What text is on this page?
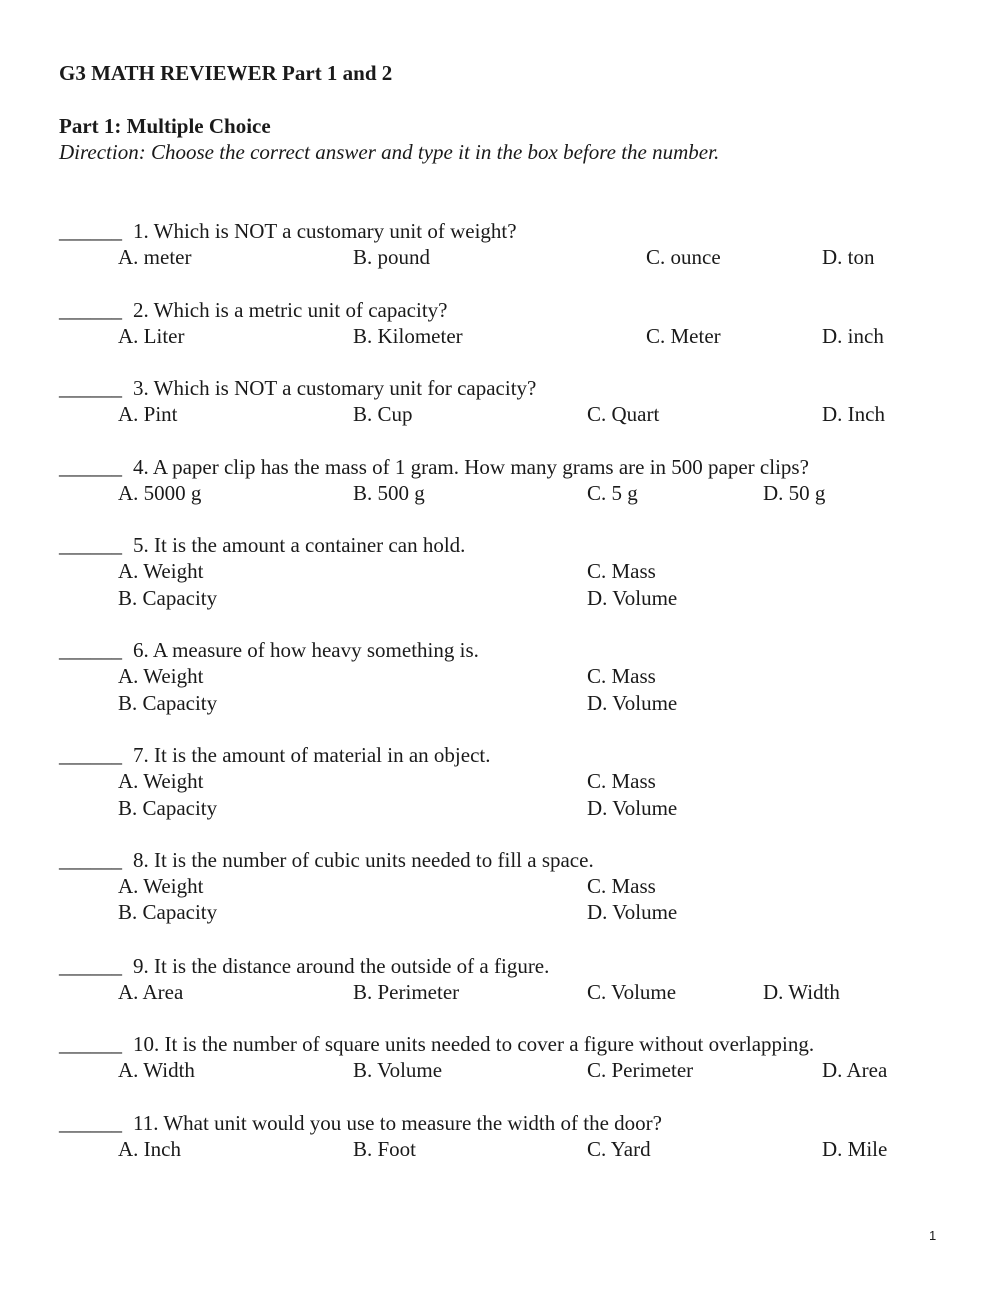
G3 MATH REVIEWER Part 1 and 2
Part 1: Multiple Choice
Direction: Choose the correct answer and type it in the box before the number.
______ 1. Which is NOT a customary unit of weight?
A. meter	B. pound	C. ounce	D. ton
______ 2. Which is a metric unit of capacity?
A. Liter	B. Kilometer	C. Meter	D. inch
______ 3. Which is NOT a customary unit for capacity?
A. Pint	B. Cup	C. Quart	D. Inch
______ 4. A paper clip has the mass of 1 gram. How many grams are in 500 paper clips?
A. 5000 g	B. 500 g	C. 5 g	D. 50 g
______ 5. It is the amount a container can hold.
A. Weight	C. Mass
B. Capacity	D. Volume
______ 6. A measure of how heavy something is.
A. Weight	C. Mass
B. Capacity	D. Volume
______ 7. It is the amount of material in an object.
A. Weight	C. Mass
B. Capacity	D. Volume
______ 8. It is the number of cubic units needed to fill a space.
A. Weight	C. Mass
B. Capacity	D. Volume
______ 9. It is the distance around the outside of a figure.
A. Area	B. Perimeter	C. Volume	D. Width
______ 10. It is the number of square units needed to cover a figure without overlapping.
A. Width	B. Volume	C. Perimeter	D. Area
______ 11. What unit would you use to measure the width of the door?
A. Inch	B. Foot	C. Yard	D. Mile
1
